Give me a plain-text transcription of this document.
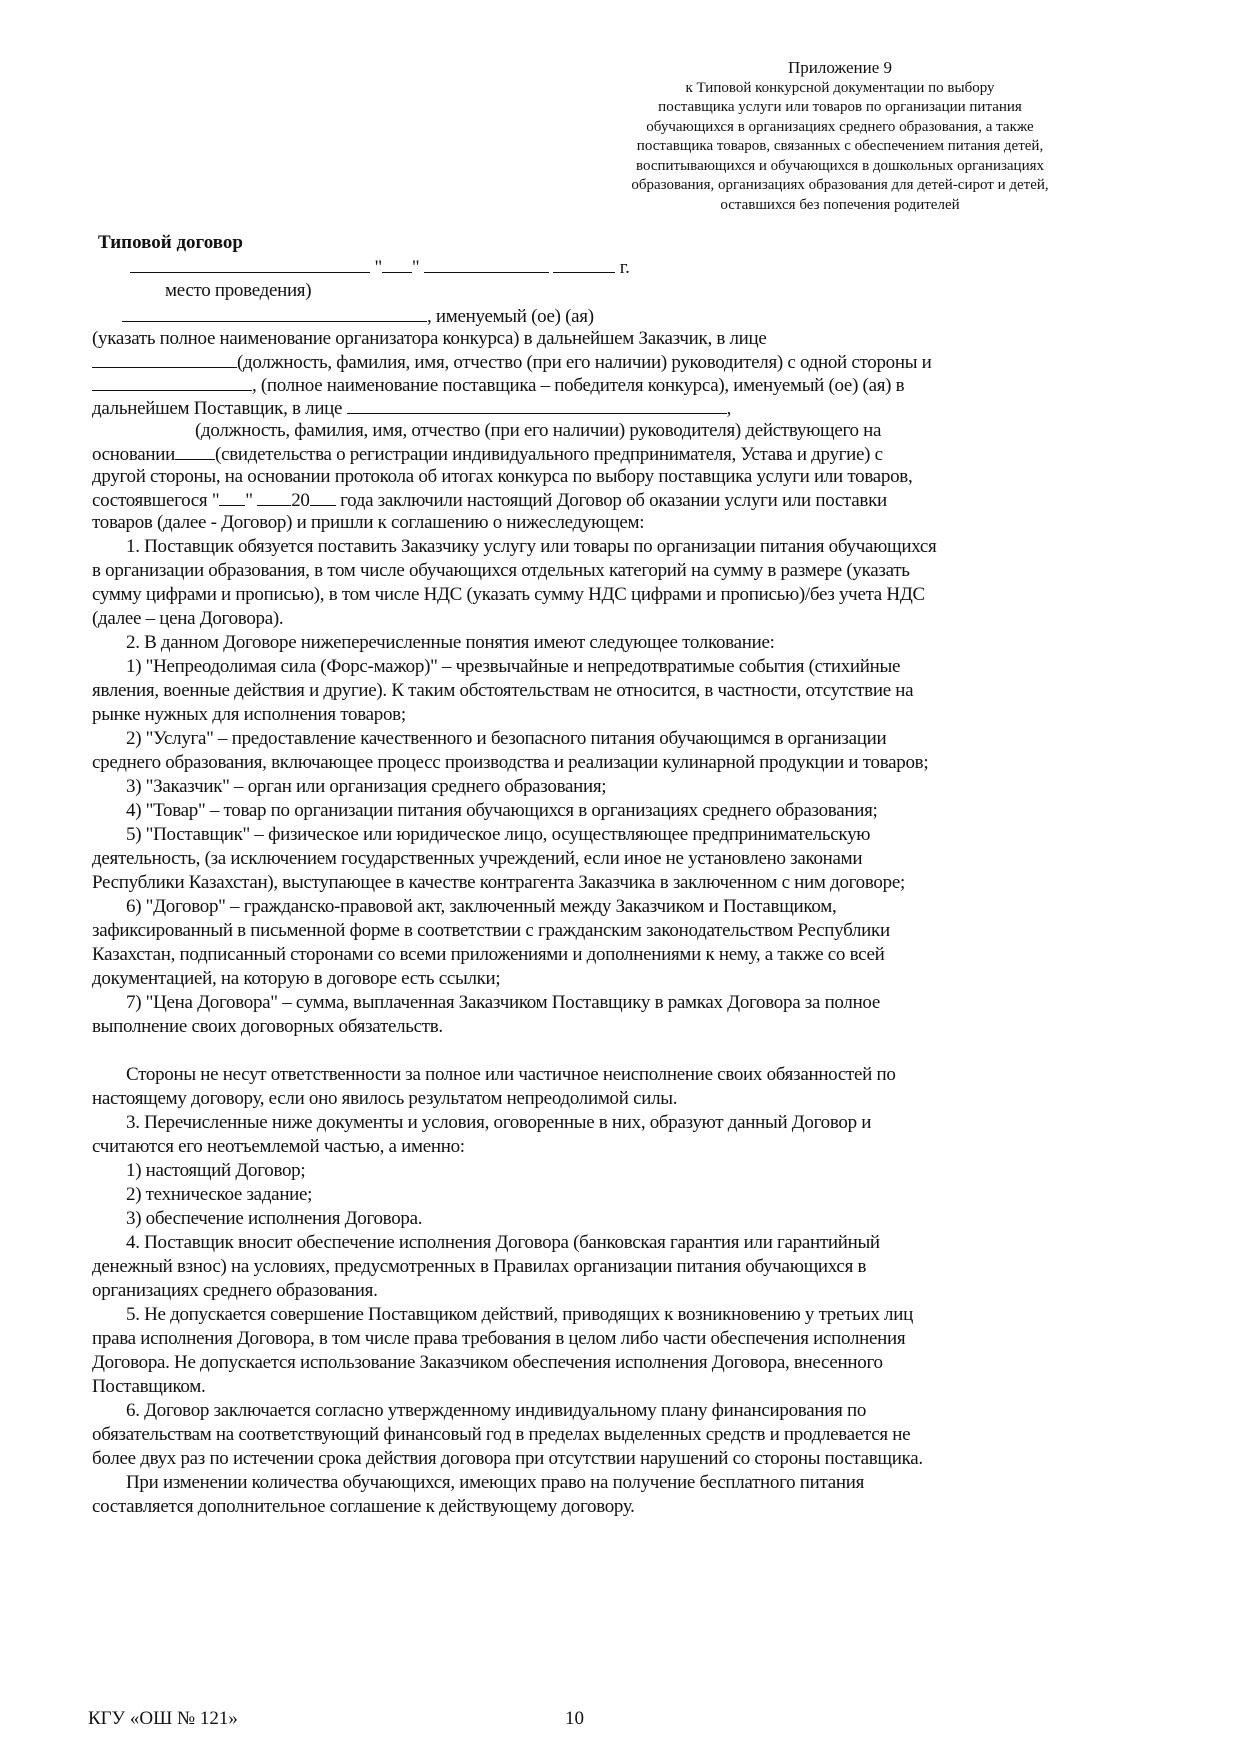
Приложение 9
к Типовой конкурсной документации по выбору
поставщика услуги или товаров по организации питания
обучающихся в организациях среднего образования, а также
поставщика товаров, связанных с обеспечением питания детей,
воспитывающихся и обучающихся в дошкольных организациях
образования, организациях образования для детей-сирот и детей,
оставшихся без попечения родителей
Типовой договор
" "	г.
место проведения)
, именуемый (ое) (ая)
(указать полное наименование организатора конкурса) в дальнейшем Заказчик, в лице
(должность, фамилия, имя, отчество (при его наличии) руководителя) с одной стороны и
, (полное наименование поставщика – победителя конкурса), именуемый (ое) (ая) в
дальнейшем Поставщик, в лице	,
(должность, фамилия, имя, отчество (при его наличии) руководителя) действующего на
основании (свидетельства о регистрации индивидуального предпринимателя, Устава и другие) с
другой стороны, на основании протокола об итогах конкурса по выбору поставщика услуги или товаров,
состоявшегося " " 20 года заключили настоящий Договор об оказании услуги или поставки
товаров (далее - Договор) и пришли к соглашению о нижеследующем:
1. Поставщик обязуется поставить Заказчику услугу или товары по организации питания обучающихся
в организации образования, в том числе обучающихся отдельных категорий на сумму в размере (указать
сумму цифрами и прописью), в том числе НДС (указать сумму НДС цифрами и прописью)/без учета НДС
(далее – цена Договора).
2. В данном Договоре нижеперечисленные понятия имеют следующее толкование:
1) "Непреодолимая сила (Форс-мажор)" – чрезвычайные и непредотвратимые события (стихийные
явления, военные действия и другие). К таким обстоятельствам не относится, в частности, отсутствие на
рынке нужных для исполнения товаров;
2) "Услуга" – предоставление качественного и безопасного питания обучающимся в организации
среднего образования, включающее процесс производства и реализации кулинарной продукции и товаров;
3) "Заказчик" – орган или организация среднего образования;
4) "Товар" – товар по организации питания обучающихся в организациях среднего образования;
5) "Поставщик" – физическое или юридическое лицо, осуществляющее предпринимательскую
деятельность, (за исключением государственных учреждений, если иное не установлено законами
Республики Казахстан), выступающее в качестве контрагента Заказчика в заключенном с ним договоре;
6) "Договор" – гражданско-правовой акт, заключенный между Заказчиком и Поставщиком,
зафиксированный в письменной форме в соответствии с гражданским законодательством Республики
Казахстан, подписанный сторонами со всеми приложениями и дополнениями к нему, а также со всей
документацией, на которую в договоре есть ссылки;
7) "Цена Договора" – сумма, выплаченная Заказчиком Поставщику в рамках Договора за полное
выполнение своих договорных обязательств.
Стороны не несут ответственности за полное или частичное неисполнение своих обязанностей по
настоящему договору, если оно явилось результатом непреодолимой силы.
3. Перечисленные ниже документы и условия, оговоренные в них, образуют данный Договор и
считаются его неотъемлемой частью, а именно:
1) настоящий Договор;
2) техническое задание;
3) обеспечение исполнения Договора.
4. Поставщик вносит обеспечение исполнения Договора (банковская гарантия или гарантийный
денежный взнос) на условиях, предусмотренных в Правилах организации питания обучающихся в
организациях среднего образования.
5. Не допускается совершение Поставщиком действий, приводящих к возникновению у третьих лиц
права исполнения Договора, в том числе права требования в целом либо части обеспечения исполнения
Договора. Не допускается использование Заказчиком обеспечения исполнения Договора, внесенного
Поставщиком.
6. Договор заключается согласно утвержденному индивидуальному плану финансирования по
обязательствам на соответствующий финансовый год в пределах выделенных средств и продлевается не
более двух раз по истечении срока действия договора при отсутствии нарушений со стороны поставщика.
При изменении количества обучающихся, имеющих право на получение бесплатного питания
составляется дополнительное соглашение к действующему договору.
КГУ «ОШ № 121»	10
